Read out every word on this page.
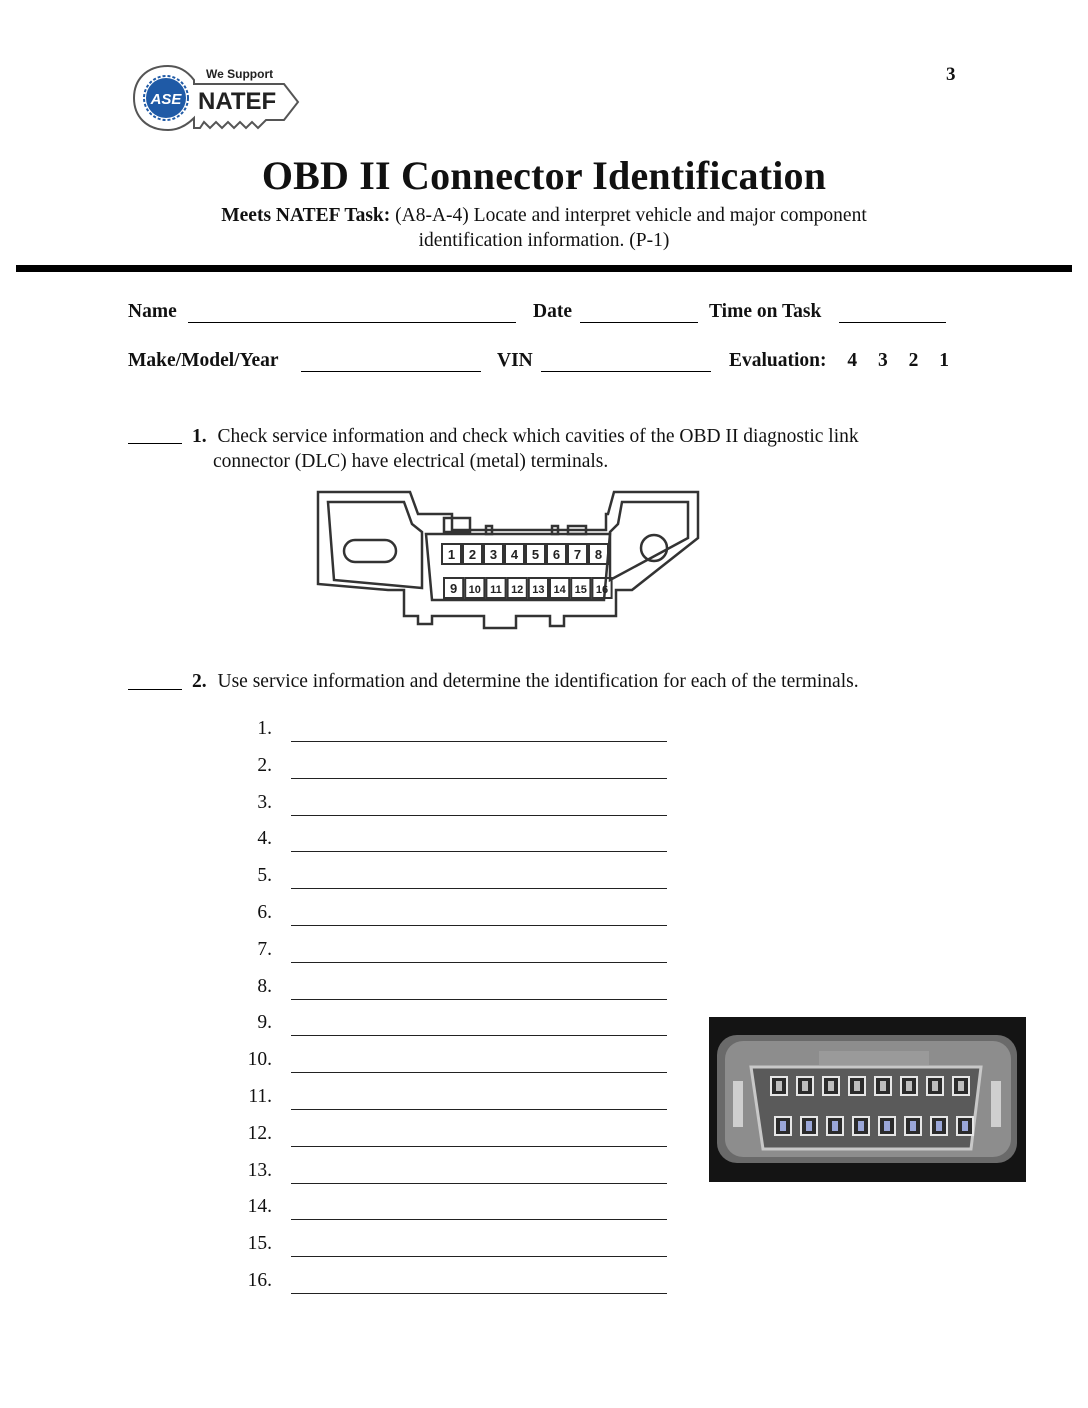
3
ASE
We Support
NATEF
OBD II Connector Identification
Meets NATEF Task: (A8-A-4) Locate and interpret vehicle and major component
identification information. (P-1)
Name	Date	Time on Task
Make/Model/Year	VIN	Evaluation: 4 3 2 1
1. Check service information and check which cavities of the OBD II diagnostic link
connector (DLC) have electrical (metal) terminals.
1 2 3 4 5 6 7 8
9 10 11 12 13 14 15 16
2. Use service information and determine the identification for each of the terminals.
1.
2.
3.
4.
5.
6.
7.
8.
9.
10.
11.
12.
13.
14.
15.
16.
